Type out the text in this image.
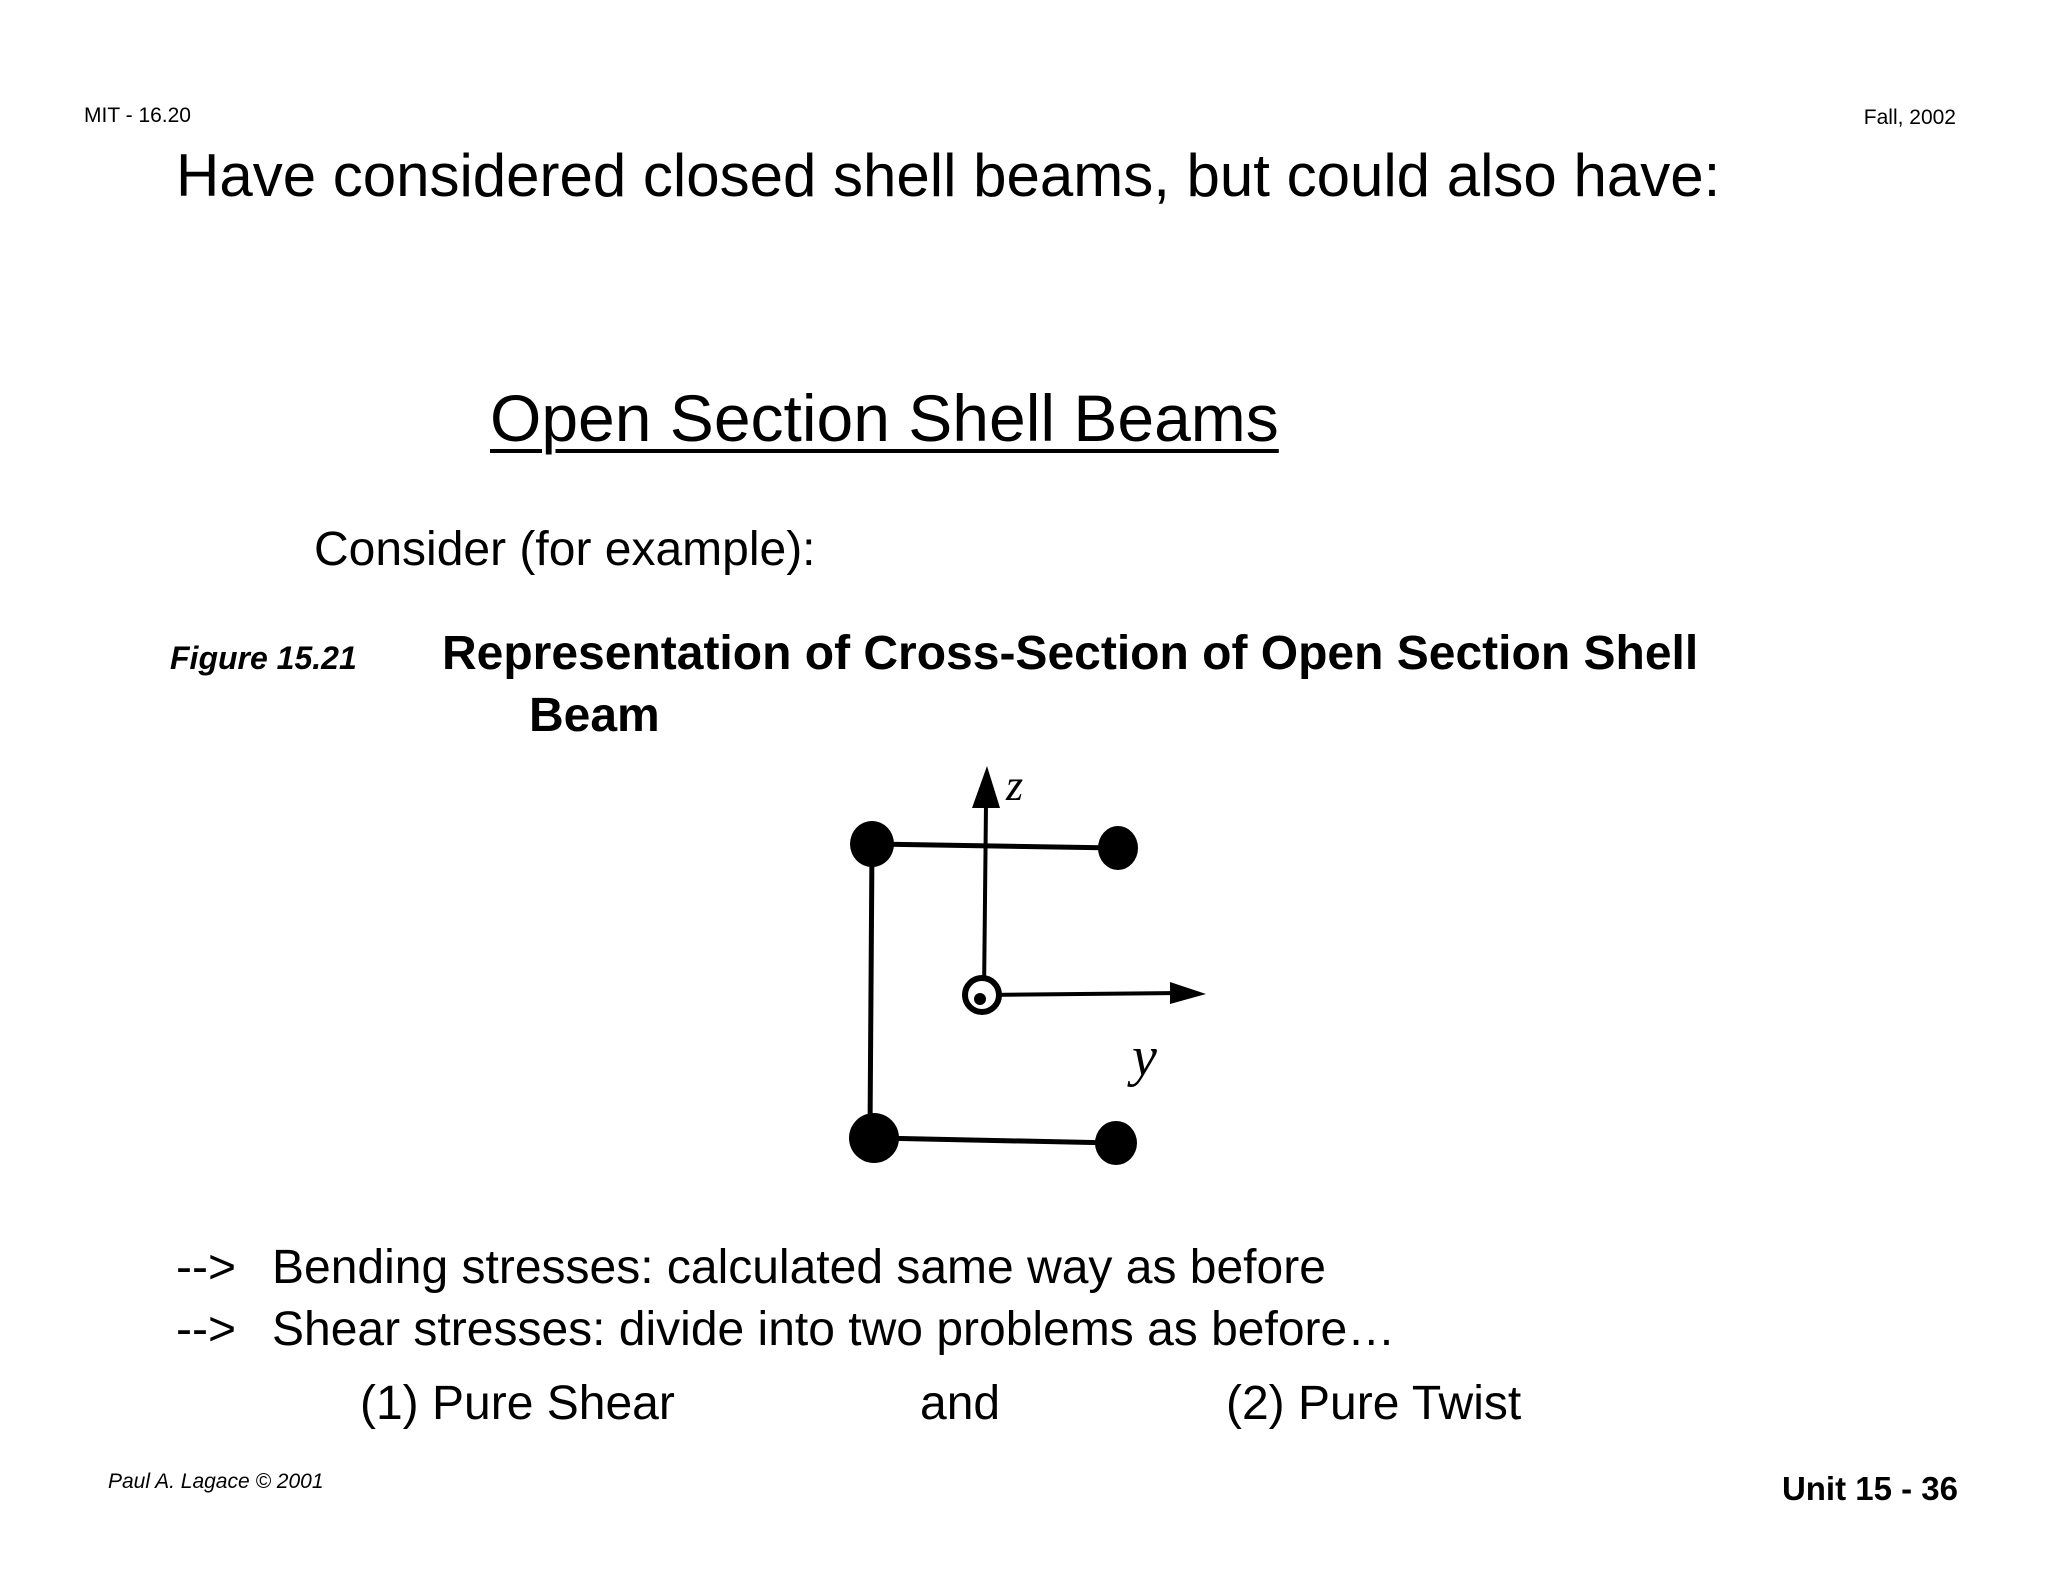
MIT - 16.20	Fall, 2002
Have considered closed shell beams, but could also have:
Open Section Shell Beams
Consider (for example):
Figure 15.21 Representation of Cross-Section of Open Section Shell
Beam
z
y
--> Bending stresses: calculated same way as before
--> Shear stresses: divide into two problems as before…
(1) Pure Shear	and	(2) Pure Twist
Paul A. Lagace © 2001	Unit 15 - 36
